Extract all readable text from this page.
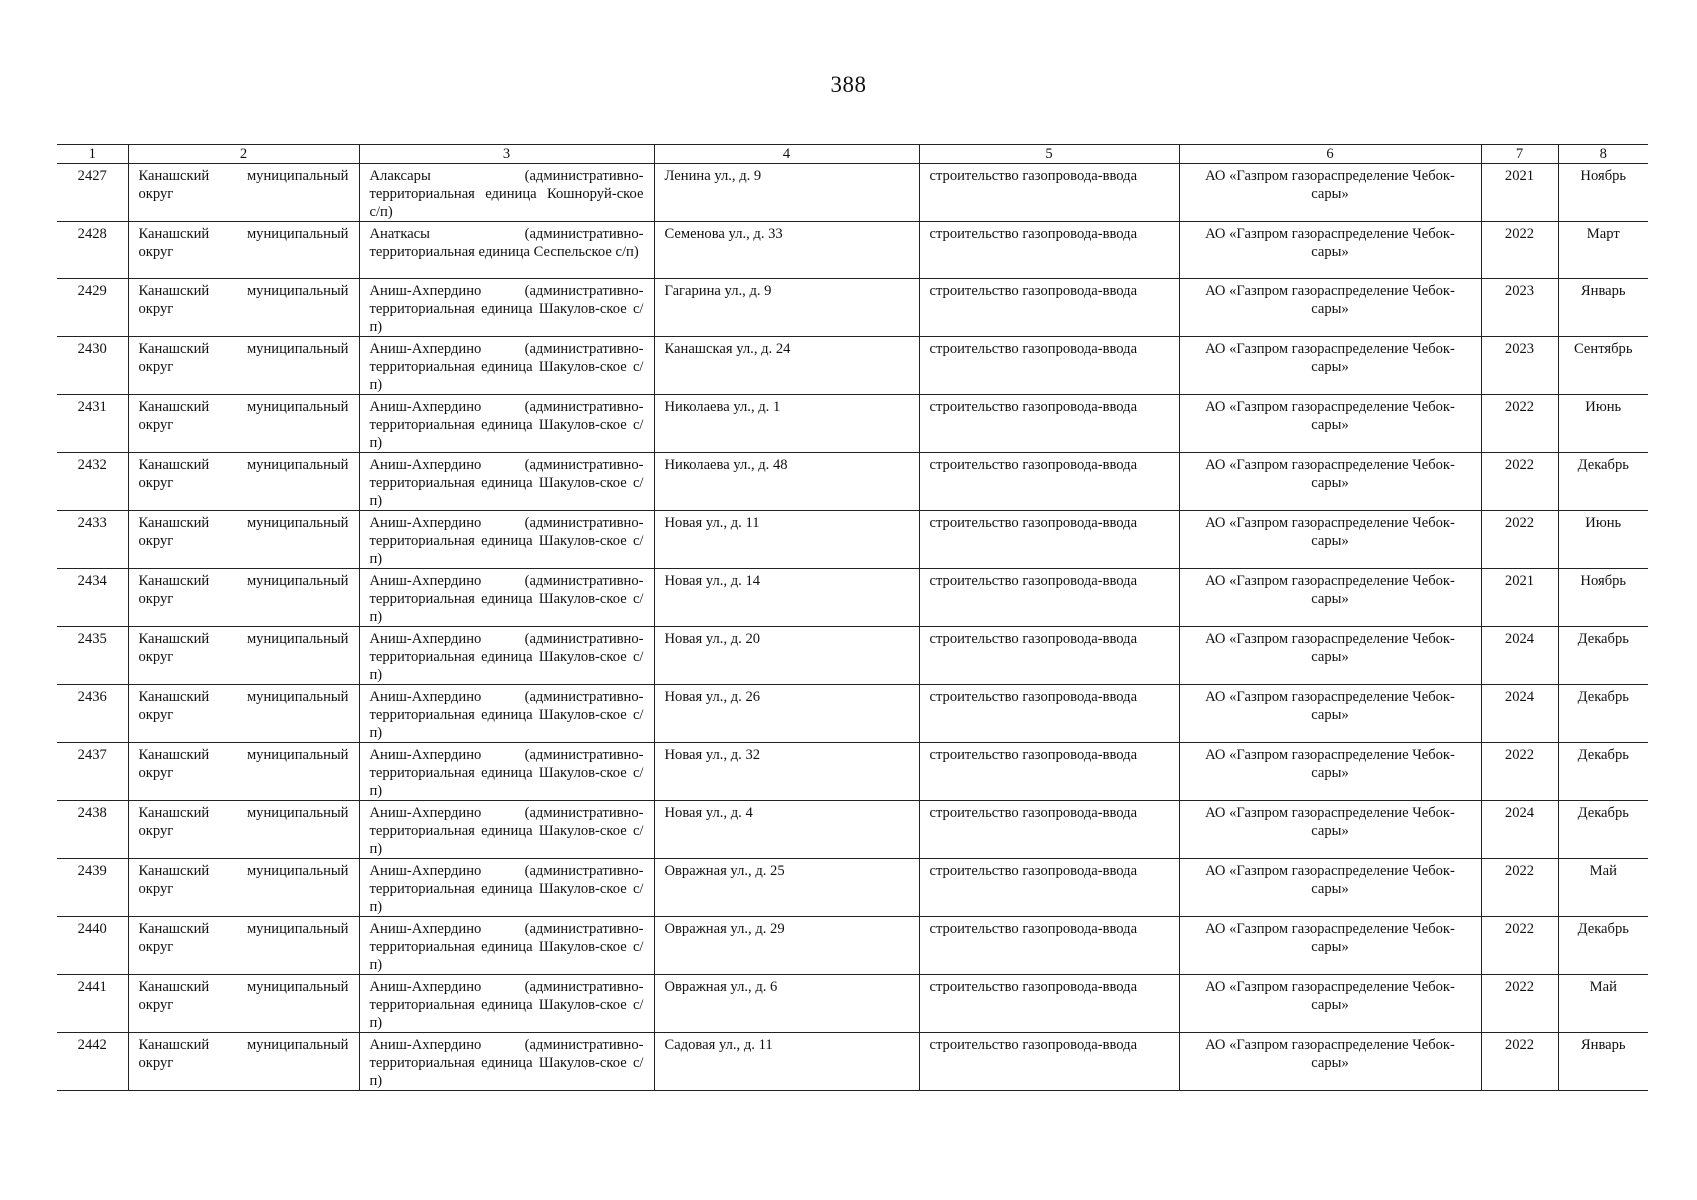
388
1	2	3	4	5	6	7	8
2427	Канашский муниципальный округ	Алаксары (административно-территориальная единица Кошноруй-ское с/п)	Ленина ул., д. 9	строительство газопровода-ввода	АО «Газпром газораспределение Чебок-сары»	2021	Ноябрь
2428	Канашский муниципальный округ	Анаткасы (административно-территориальная единица Сеспельское с/п)	Семенова ул., д. 33	строительство газопровода-ввода	АО «Газпром газораспределение Чебок-сары»	2022	Март
2429	Канашский муниципальный округ	Аниш-Ахпердино (административно-территориальная единица Шакулов-ское с/п)	Гагарина ул., д. 9	строительство газопровода-ввода	АО «Газпром газораспределение Чебок-сары»	2023	Январь
2430	Канашский муниципальный округ	Аниш-Ахпердино (административно-территориальная единица Шакулов-ское с/п)	Канашская ул., д. 24	строительство газопровода-ввода	АО «Газпром газораспределение Чебок-сары»	2023	Сентябрь
2431	Канашский муниципальный округ	Аниш-Ахпердино (административно-территориальная единица Шакулов-ское с/п)	Николаева ул., д. 1	строительство газопровода-ввода	АО «Газпром газораспределение Чебок-сары»	2022	Июнь
2432	Канашский муниципальный округ	Аниш-Ахпердино (административно-территориальная единица Шакулов-ское с/п)	Николаева ул., д. 48	строительство газопровода-ввода	АО «Газпром газораспределение Чебок-сары»	2022	Декабрь
2433	Канашский муниципальный округ	Аниш-Ахпердино (административно-территориальная единица Шакулов-ское с/п)	Новая ул., д. 11	строительство газопровода-ввода	АО «Газпром газораспределение Чебок-сары»	2022	Июнь
2434	Канашский муниципальный округ	Аниш-Ахпердино (административно-территориальная единица Шакулов-ское с/п)	Новая ул., д. 14	строительство газопровода-ввода	АО «Газпром газораспределение Чебок-сары»	2021	Ноябрь
2435	Канашский муниципальный округ	Аниш-Ахпердино (административно-территориальная единица Шакулов-ское с/п)	Новая ул., д. 20	строительство газопровода-ввода	АО «Газпром газораспределение Чебок-сары»	2024	Декабрь
2436	Канашский муниципальный округ	Аниш-Ахпердино (административно-территориальная единица Шакулов-ское с/п)	Новая ул., д. 26	строительство газопровода-ввода	АО «Газпром газораспределение Чебок-сары»	2024	Декабрь
2437	Канашский муниципальный округ	Аниш-Ахпердино (административно-территориальная единица Шакулов-ское с/п)	Новая ул., д. 32	строительство газопровода-ввода	АО «Газпром газораспределение Чебок-сары»	2022	Декабрь
2438	Канашский муниципальный округ	Аниш-Ахпердино (административно-территориальная единица Шакулов-ское с/п)	Новая ул., д. 4	строительство газопровода-ввода	АО «Газпром газораспределение Чебок-сары»	2024	Декабрь
2439	Канашский муниципальный округ	Аниш-Ахпердино (административно-территориальная единица Шакулов-ское с/п)	Овражная ул., д. 25	строительство газопровода-ввода	АО «Газпром газораспределение Чебок-сары»	2022	Май
2440	Канашский муниципальный округ	Аниш-Ахпердино (административно-территориальная единица Шакулов-ское с/п)	Овражная ул., д. 29	строительство газопровода-ввода	АО «Газпром газораспределение Чебок-сары»	2022	Декабрь
2441	Канашский муниципальный округ	Аниш-Ахпердино (административно-территориальная единица Шакулов-ское с/п)	Овражная ул., д. 6	строительство газопровода-ввода	АО «Газпром газораспределение Чебок-сары»	2022	Май
2442	Канашский муниципальный округ	Аниш-Ахпердино (административно-территориальная единица Шакулов-ское с/п)	Садовая ул., д. 11	строительство газопровода-ввода	АО «Газпром газораспределение Чебок-сары»	2022	Январь
